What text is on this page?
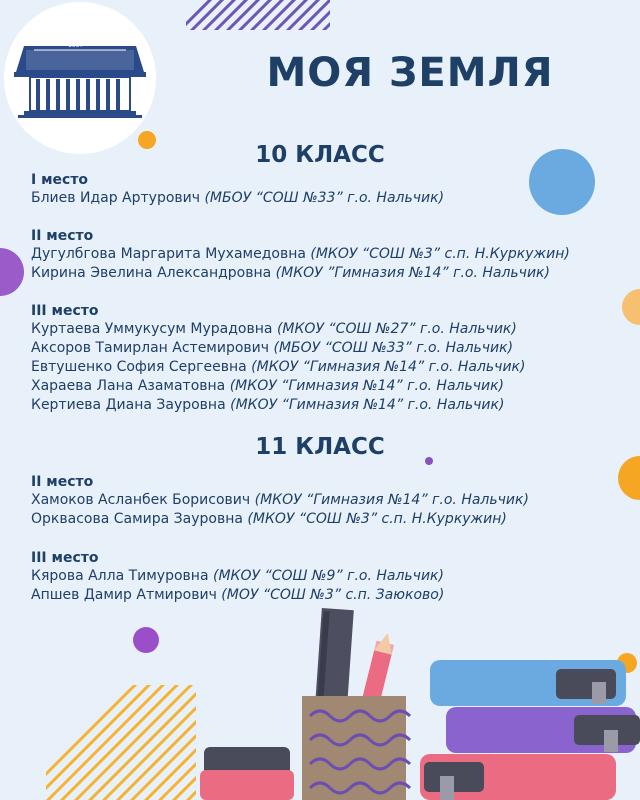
1957
МОЯ ЗЕМЛЯ
10 КЛАСС
I место
Блиев Идар Артурович (МБОУ “СОШ №33” г.о. Нальчик)
II место
Дугулбгова Маргарита Мухамедовна (МКОУ “СОШ №3” с.п. Н.Куркужин)
Кирина Эвелина Александровна (МКОУ ”Гимназия №14” г.о. Нальчик)
III место
Куртаева Уммукусум Мурадовна (МКОУ “СОШ №27” г.о. Нальчик)
Аксоров Тамирлан Астемирович (МБОУ “СОШ №33” г.о. Нальчик)
Евтушенко София Сергеевна (МКОУ “Гимназия №14” г.о. Нальчик)
Хараева Лана Азаматовна (МКОУ “Гимназия №14” г.о. Нальчик)
Кертиева Диана Зауровна (МКОУ “Гимназия №14” г.о. Нальчик)
11 КЛАСС
II место
Хамоков Асланбек Борисович (МКОУ “Гимназия №14” г.о. Нальчик)
Орквасова Самира Зауровна (МКОУ “СОШ №3” с.п. Н.Куркужин)
III место
Кярова Алла Тимуровна (МКОУ “СОШ №9” г.о. Нальчик)
Апшев Дамир Атмирович (МОУ “СОШ №3” с.п. Заюково)
